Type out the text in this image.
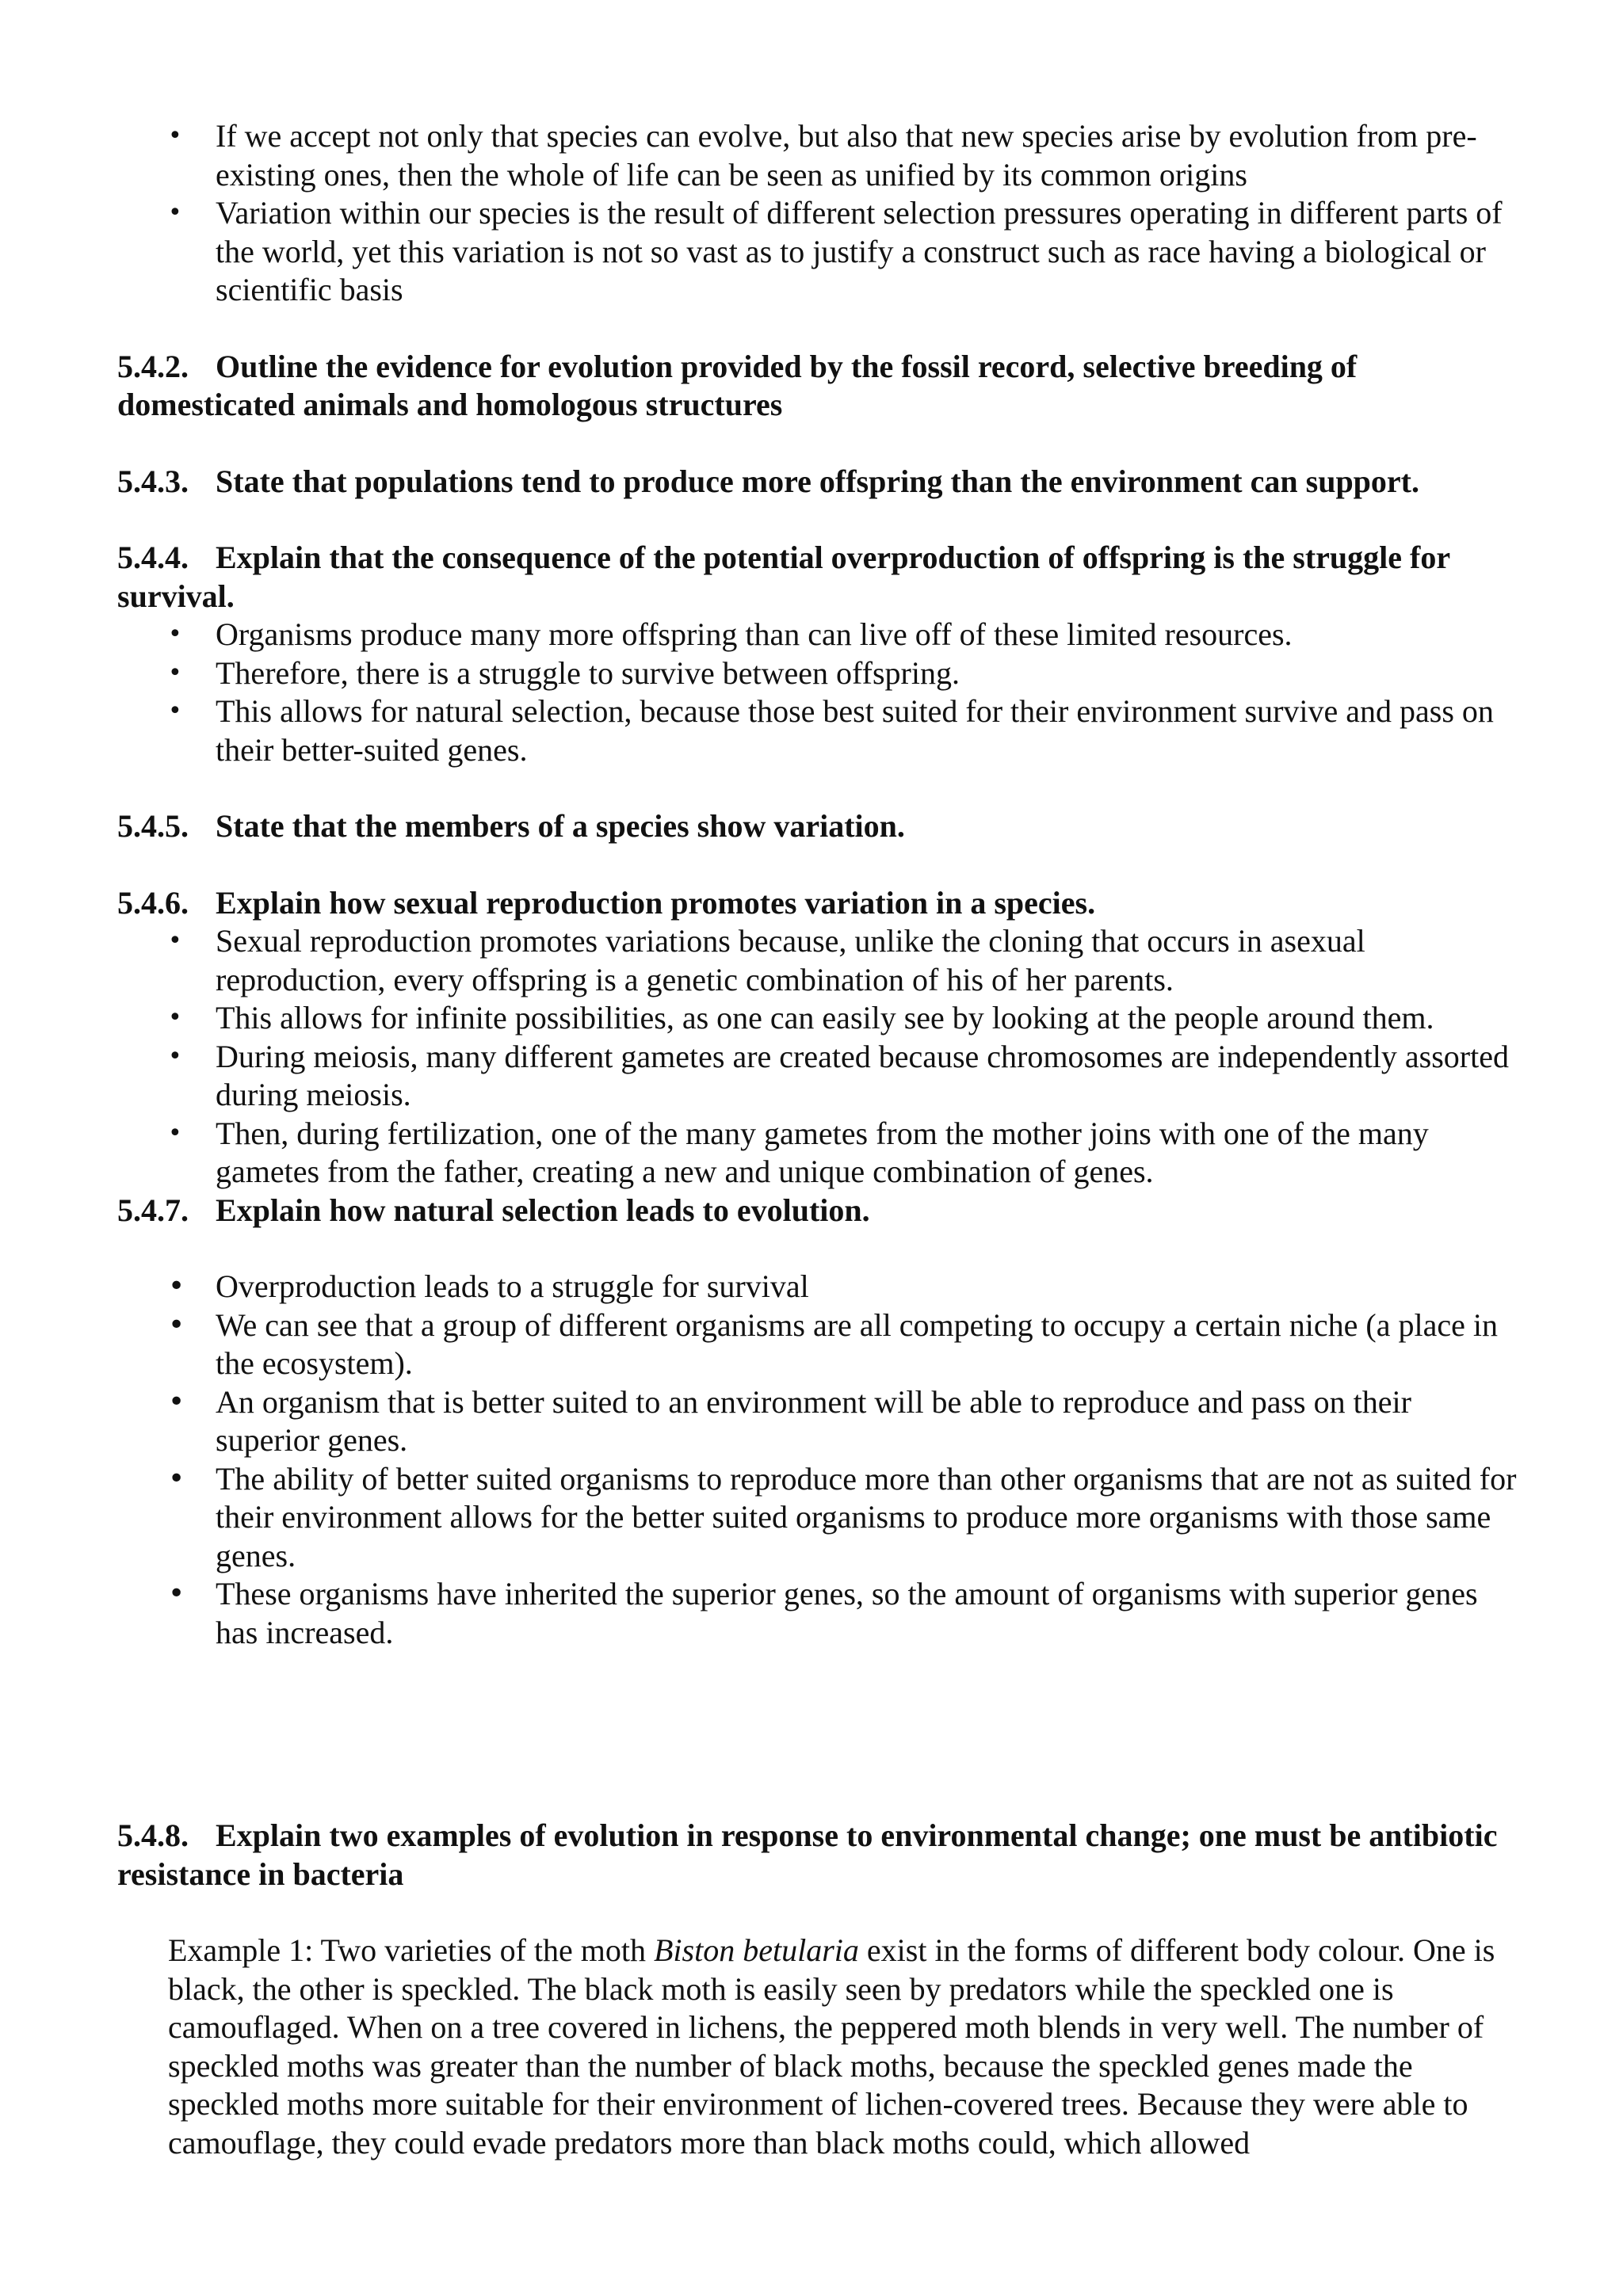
• If we accept not only that species can evolve, but also that new species arise by evolution from pre-existing ones, then the whole of life can be seen as unified by its common origins
• Variation within our species is the result of different selection pressures operating in different parts of the world, yet this variation is not so vast as to justify a construct such as race having a biological or scientific basis

5.4.2. Outline the evidence for evolution provided by the fossil record, selective breeding of domesticated animals and homologous structures

5.4.3. State that populations tend to produce more offspring than the environment can support.

5.4.4. Explain that the consequence of the potential overproduction of offspring is the struggle for survival.

• Organisms produce many more offspring than can live off of these limited resources.
• Therefore, there is a struggle to survive between offspring.
• This allows for natural selection, because those best suited for their environment survive and pass on their better-suited genes.

5.4.5. State that the members of a species show variation.

5.4.6. Explain how sexual reproduction promotes variation in a species.

• Sexual reproduction promotes variations because, unlike the cloning that occurs in asexual reproduction, every offspring is a genetic combination of his of her parents.
• This allows for infinite possibilities, as one can easily see by looking at the people around them.
• During meiosis, many different gametes are created because chromosomes are independently assorted during meiosis.
• Then, during fertilization, one of the many gametes from the mother joins with one of the many gametes from the father, creating a new and unique combination of genes.

5.4.7. Explain how natural selection leads to evolution.

• Overproduction leads to a struggle for survival
• We can see that a group of different organisms are all competing to occupy a certain niche (a place in the ecosystem).
• An organism that is better suited to an environment will be able to reproduce and pass on their superior genes.
• The ability of better suited organisms to reproduce more than other organisms that are not as suited for their environment allows for the better suited organisms to produce more organisms with those same genes.
• These organisms have inherited the superior genes, so the amount of organisms with superior genes has increased.

5.4.8. Explain two examples of evolution in response to environmental change; one must be antibiotic resistance in bacteria

Example 1: Two varieties of the moth Biston betularia exist in the forms of different body colour. One is black, the other is speckled. The black moth is easily seen by predators while the speckled one is camouflaged. When on a tree covered in lichens, the peppered moth blends in very well. The number of speckled moths was greater than the number of black moths, because the speckled genes made the speckled moths more suitable for their environment of lichen-covered trees. Because they were able to camouflage, they could evade predators more than black moths could, which allowed
